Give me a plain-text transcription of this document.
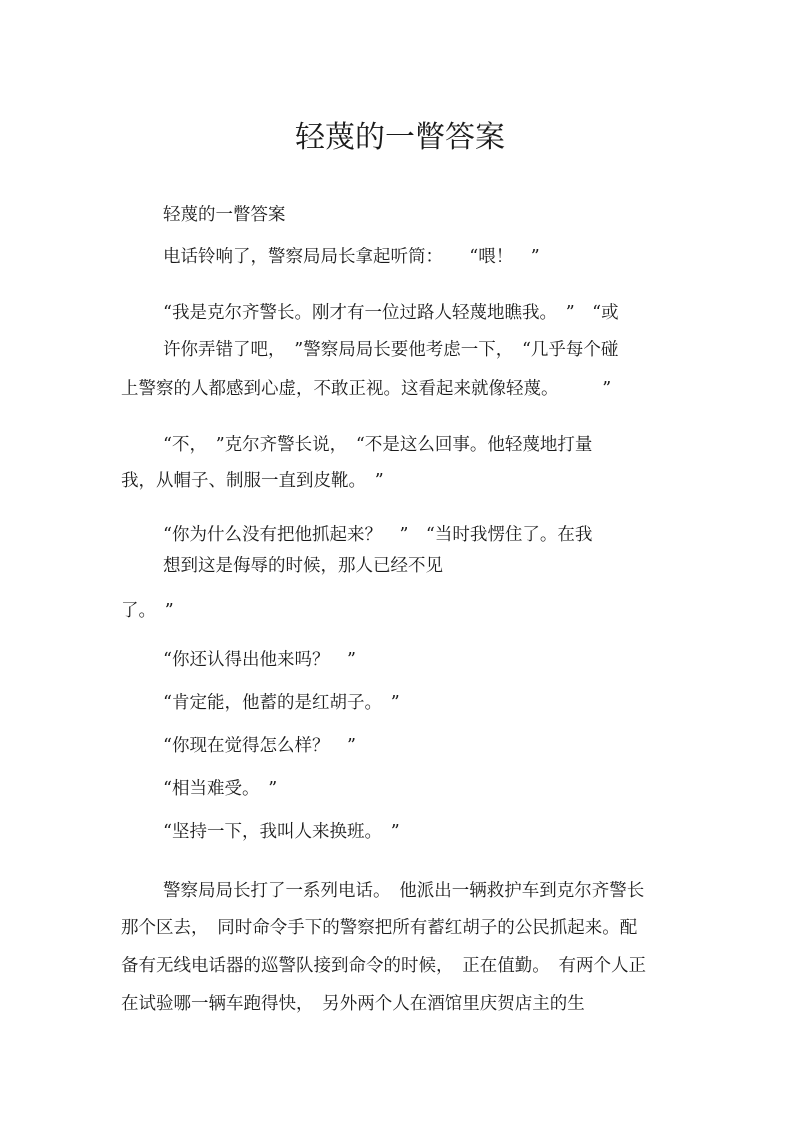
轻蔑的一瞥答案
轻蔑的一瞥答案
电话铃响了，警察局局长拿起听筒：　　“喂！　”
“我是克尔齐警长。刚才有一位过路人轻蔑地瞧我。　”　“或
许你弄错了吧，　”警察局局长要他考虑一下，　“几乎每个碰
上警察的人都感到心虚，不敢正视。这看起来就像轻蔑。　　　”
“不，　”克尔齐警长说，　“不是这么回事。他轻蔑地打量
我，从帽子、制服一直到皮靴。　”
“你为什么没有把他抓起来？　”　“当时我愣住了。在我
想到这是侮辱的时候，那人已经不见
了。　”
“你还认得出他来吗？　”
“肯定能，他蓄的是红胡子。　”
“你现在觉得怎么样？　”
“相当难受。　”
“坚持一下，我叫人来换班。　”
警察局局长打了一系列电话。　他派出一辆救护车到克尔齐警长
那个区去，　同时命令手下的警察把所有蓄红胡子的公民抓起来。配
备有无线电话器的巡警队接到命令的时候，　正在值勤。　有两个人正
在试验哪一辆车跑得快，　另外两个人在酒馆里庆贺店主的生
